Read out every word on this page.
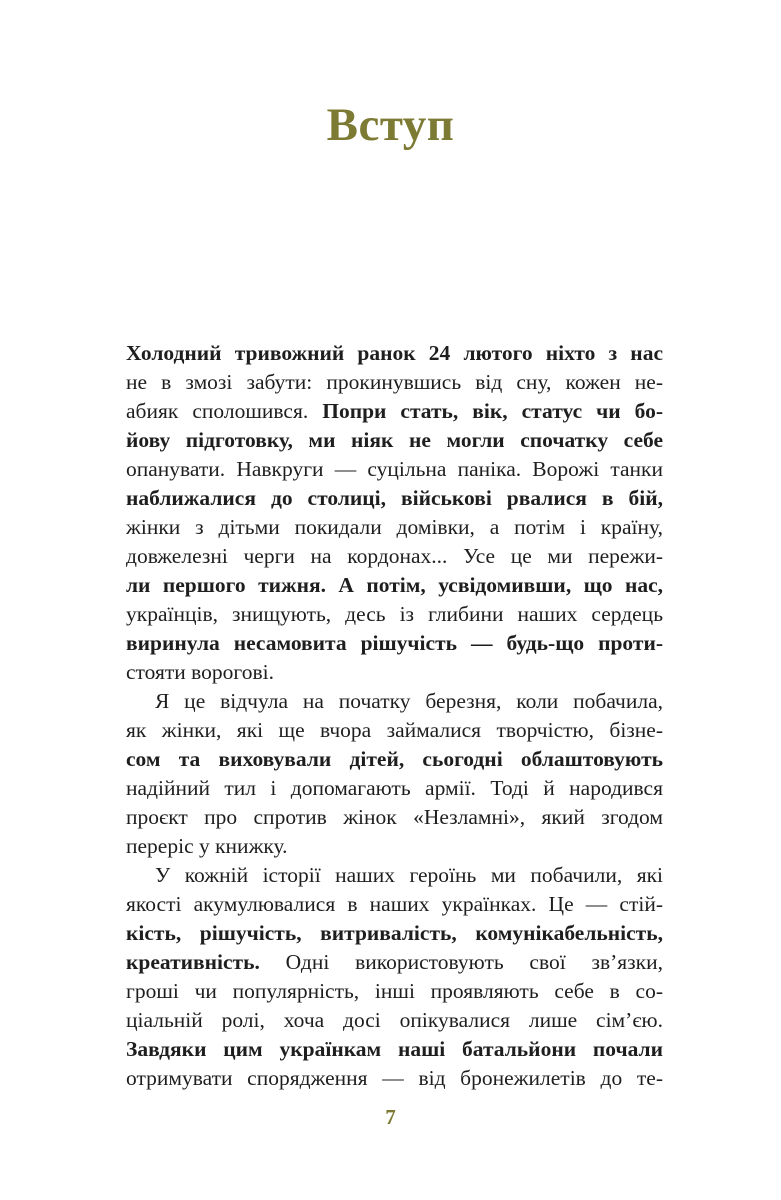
Вступ
Холодний тривожний ранок 24 лютого ніхто з нас
не в змозі забути: прокинувшись від сну, кожен не-
абияк сполошився. Попри стать, вік, статус чи бо-
йову підготовку, ми ніяк не могли спочатку себе
опанувати. Навкруги — суцільна паніка. Ворожі танки
наближалися до столиці, військові рвалися в бій,
жінки з дітьми покидали домівки, а потім і країну,
довжелезні черги на кордонах... Усе це ми пережи-
ли першого тижня. А потім, усвідомивши, що нас,
українців, знищують, десь із глибини наших сердець
виринула несамовита рішучість — будь-що проти-
стояти ворогові.
Я це відчула на початку березня, коли побачила,
як жінки, які ще вчора займалися творчістю, бізне-
сом та виховували дітей, сьогодні облаштовують
надійний тил і допомагають армії. Тоді й народився
проєкт про спротив жінок «Незламні», який згодом
переріс у книжку.
У кожній історії наших героїнь ми побачили, які
якості акумулювалися в наших українках. Це — стій-
кість, рішучість, витривалість, комунікабельність,
креативність. Одні використовують свої зв’язки,
гроші чи популярність, інші проявляють себе в со-
ціальній ролі, хоча досі опікувалися лише сім’єю.
Завдяки цим українкам наші батальйони почали
отримувати спорядження — від бронежилетів до те-
7
